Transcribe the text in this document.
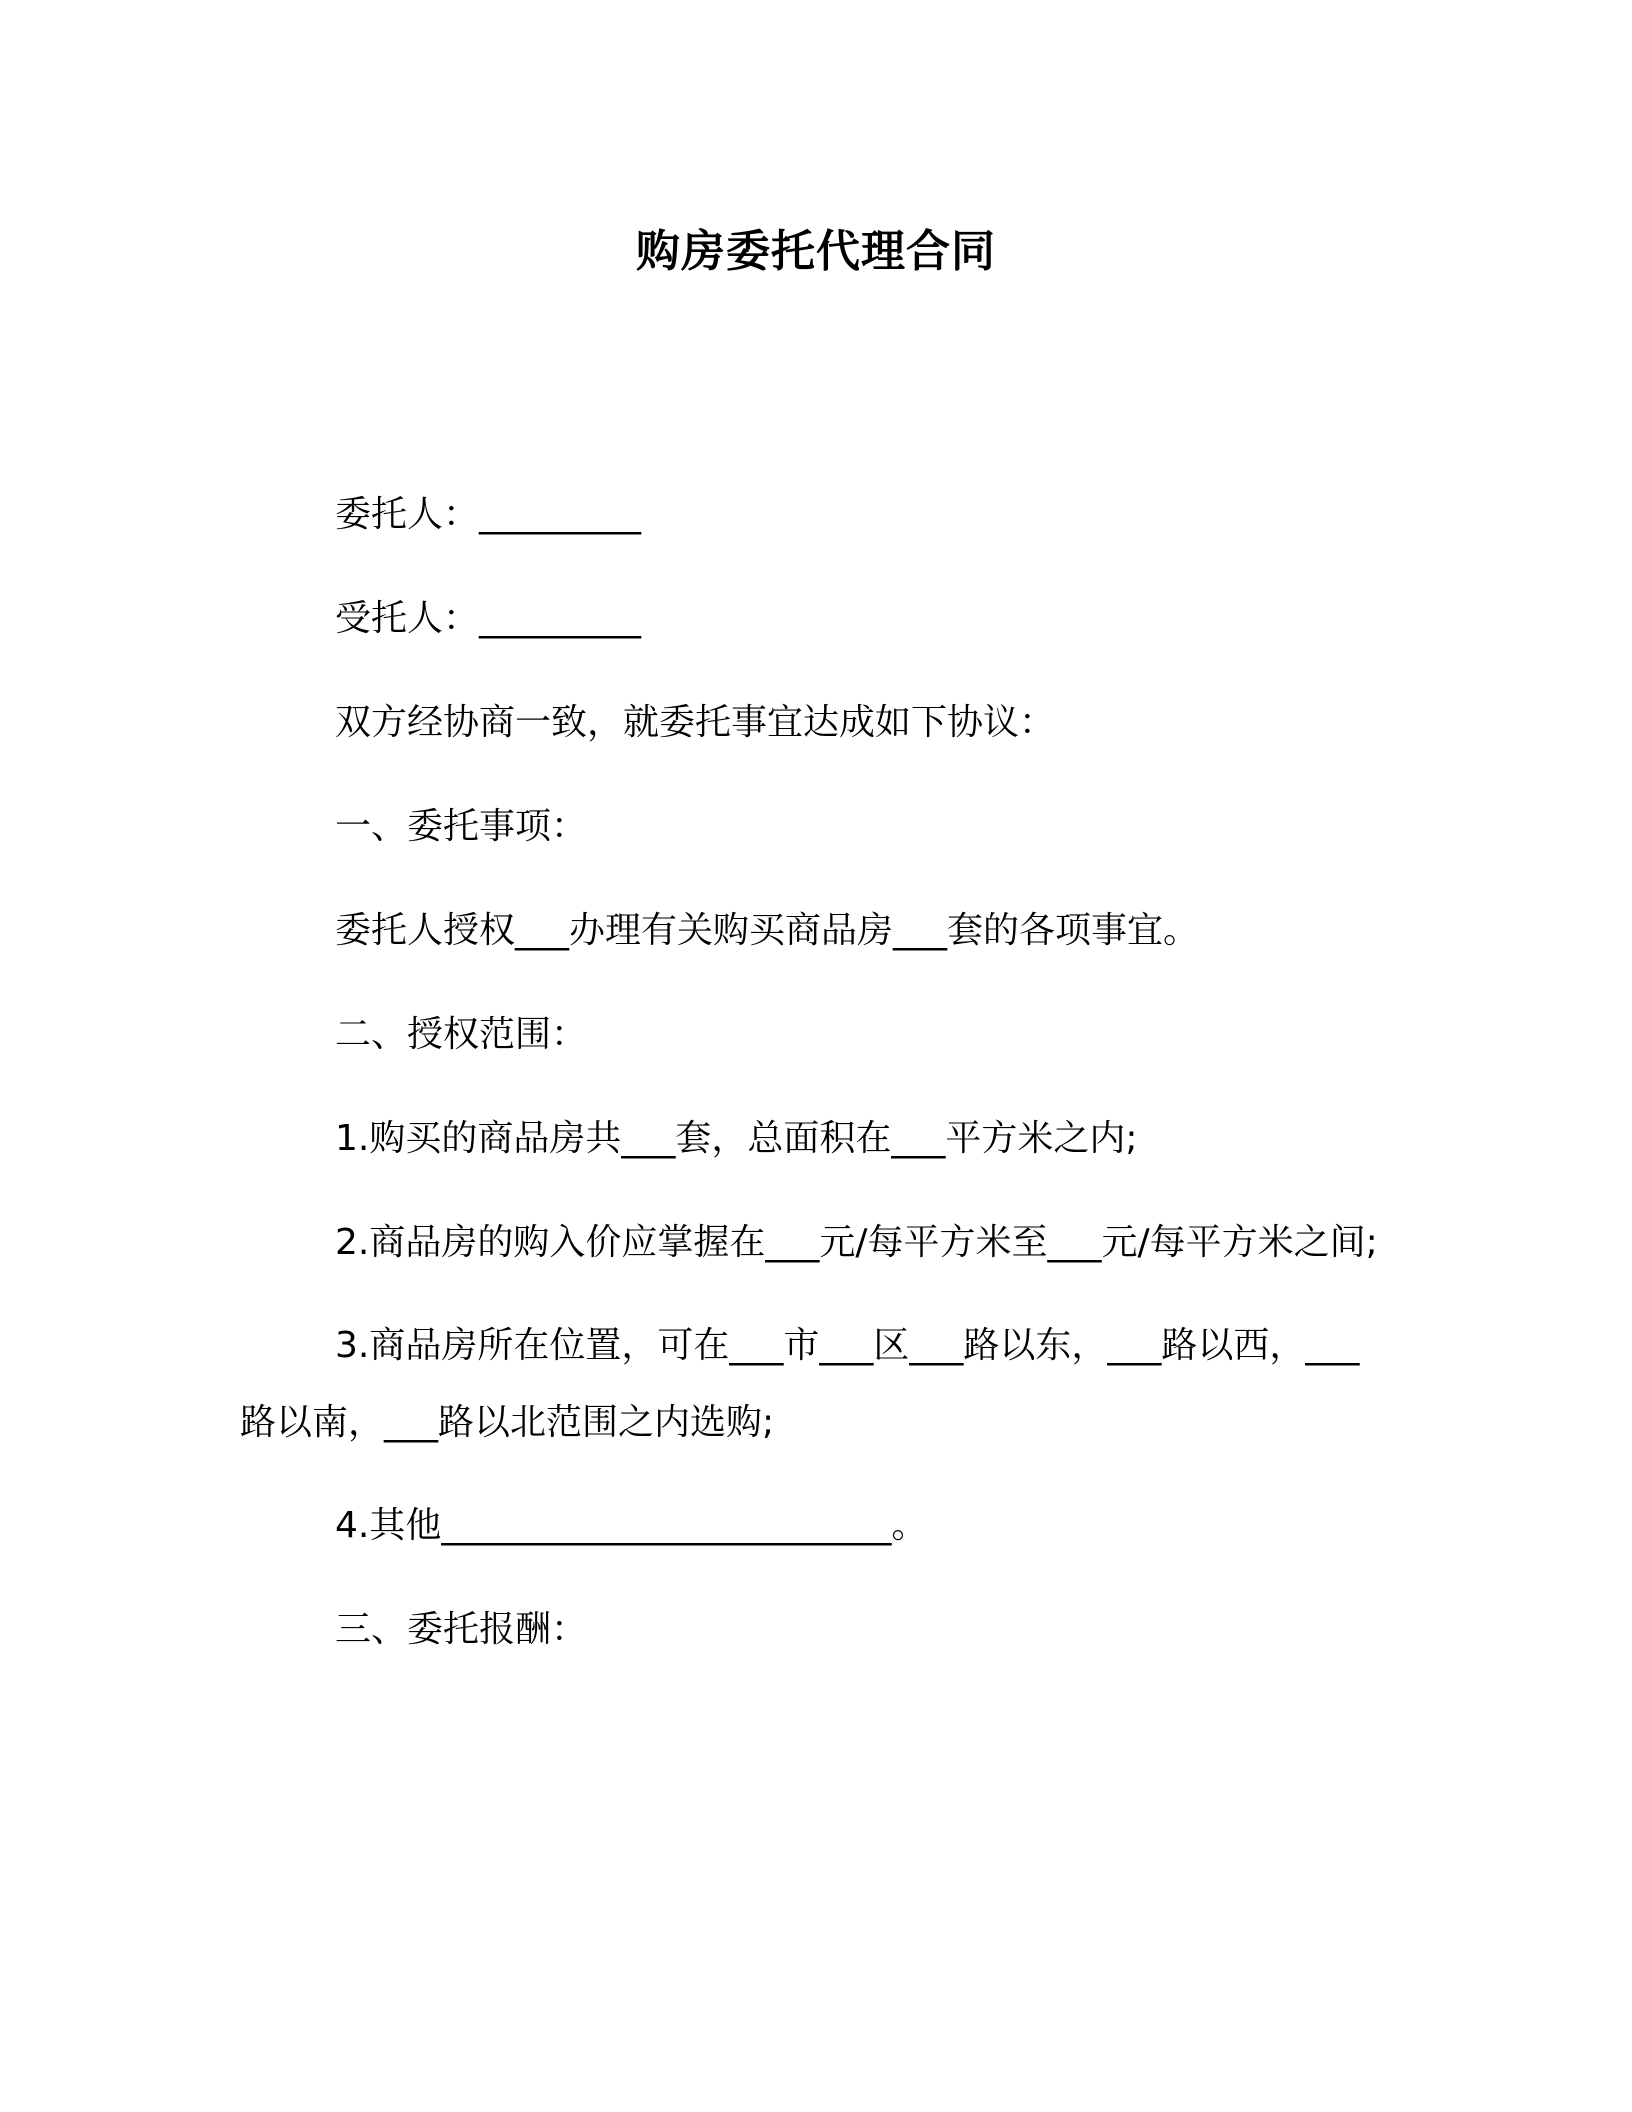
购房委托代理合同

委托人：_________

受托人：_________

双方经协商一致，就委托事宜达成如下协议：

一、委托事项：

委托人授权___办理有关购买商品房___套的各项事宜。

二、授权范围：

1.购买的商品房共___套，总面积在___平方米之内;

2.商品房的购入价应掌握在___元/每平方米至___元/每平方米之间;

3.商品房所在位置，可在___市___区___路以东，___路以西，___路以南，___路以北范围之内选购;

4.其他_________________________。

三、委托报酬：
